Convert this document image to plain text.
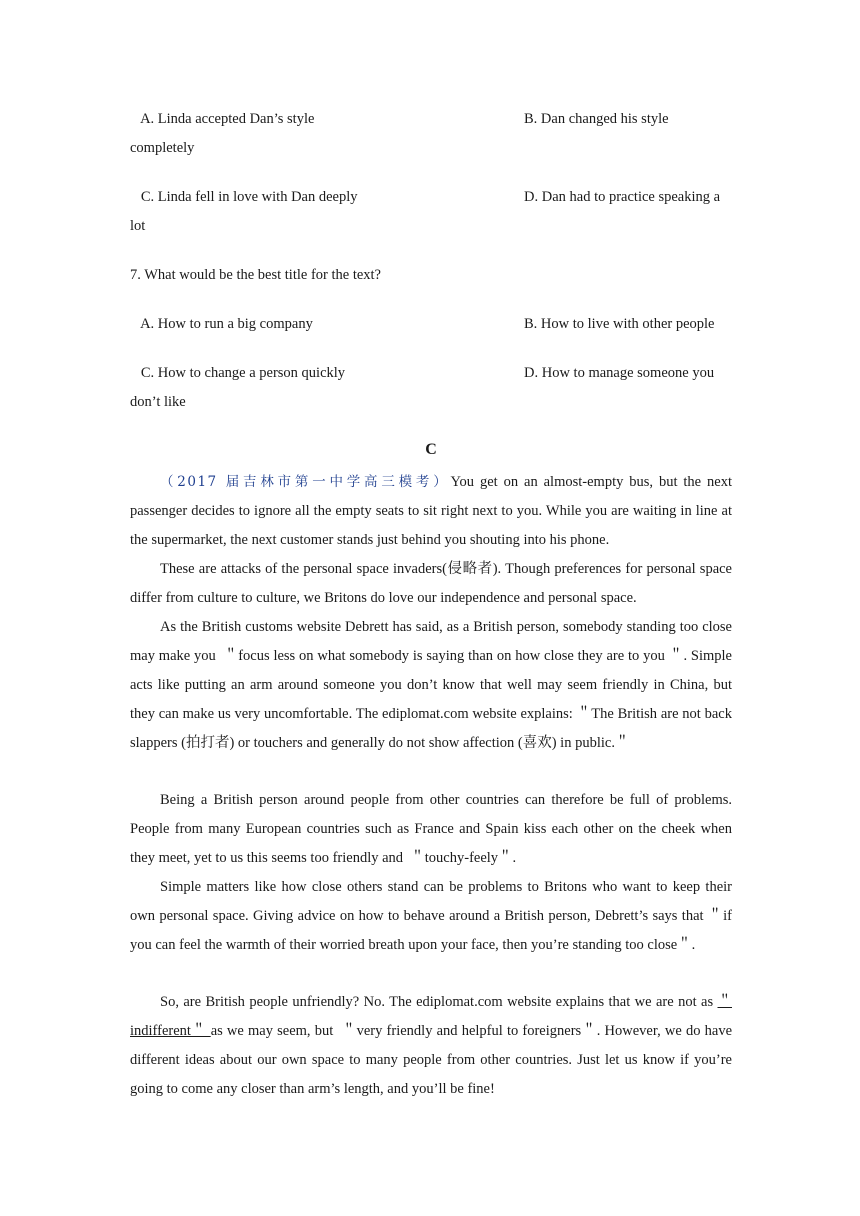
A. Linda accepted Dan’s style	B. Dan changed his style
completely
C. Linda fell in love with Dan deeply	D. Dan had to practice speaking a
lot
7. What would be the best title for the text?
A. How to run a big company	B. How to live with other people
C. How to change a person quickly	D. How to manage someone you
don’t like
C
（2017 届吉林市第一中学高三模考）You get on an almost-empty bus, but the next passenger decides to ignore all the empty seats to sit right next to you. While you are waiting in line at the supermarket, the next customer stands just behind you shouting into his phone.
These are attacks of the personal space invaders(侵略者). Though preferences for personal space differ from culture to culture, we Britons do love our independence and personal space.
As the British customs website Debrett has said, as a British person, somebody standing too close may make you  ＂focus less on what somebody is saying than on how close they are to you ＂. Simple acts like putting an arm around someone you don’t know that well may seem friendly in China, but they can make us very uncomfortable. The ediplomat.com website explains: ＂The British are not back slappers (拍打者) or touchers and generally do not show affection (喜欢) in public.＂
Being a British person around people from other countries can therefore be full of problems. People from many European countries such as France and Spain kiss each other on the cheek when they meet, yet to us this seems too friendly and  ＂touchy-feely＂.
Simple matters like how close others stand can be problems to Britons who want to keep their own personal space. Giving advice on how to behave around a British person, Debrett’s says that ＂if you can feel the warmth of their worried breath upon your face, then you’re standing too close＂.
So, are British people unfriendly? No. The ediplomat.com website explains that we are not as ＂indifferent＂ as we may seem, but  ＂very friendly and helpful to foreigners＂. However, we do have different ideas about our own space to many people from other countries. Just let us know if you’re going to come any closer than arm’s length, and you’ll be fine!
